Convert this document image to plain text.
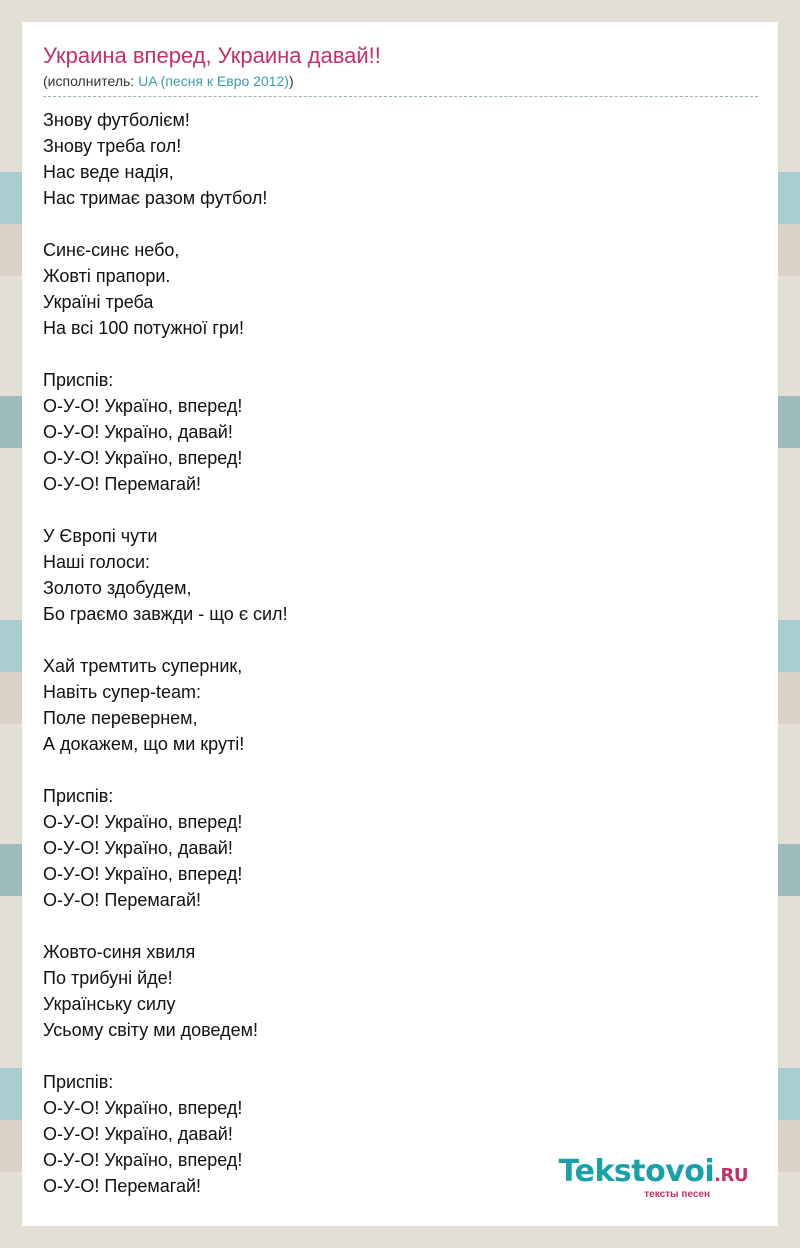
Украина вперед, Украина давай!!
(исполнитель: UA (песня к Евро 2012))
Знову футболієм!
Знову треба гол!
Нас веде надія,
Нас тримає разом футбол!
Синє-синє небо,
Жовті прапори.
Україні треба
На всі 100 потужної гри!
Приспів:
О-У-О! Україно, вперед!
О-У-О! Україно, давай!
О-У-О! Україно, вперед!
О-У-О! Перемагай!
У Європі чути
Наші голоси:
Золото здобудем,
Бо граємо завжди - що є сил!
Хай тремтить суперник,
Навіть супер-team:
Поле перевернем,
А докажем, що ми круті!
Приспів:
О-У-О! Україно, вперед!
О-У-О! Україно, давай!
О-У-О! Україно, вперед!
О-У-О! Перемагай!
Жовто-синя хвиля
По трибуні йде!
Українську силу
Усьому світу ми доведем!
Приспів:
О-У-О! Україно, вперед!
О-У-О! Україно, давай!
О-У-О! Україно, вперед!
О-У-О! Перемагай!	Tekstovoi.RU
тексты песен
